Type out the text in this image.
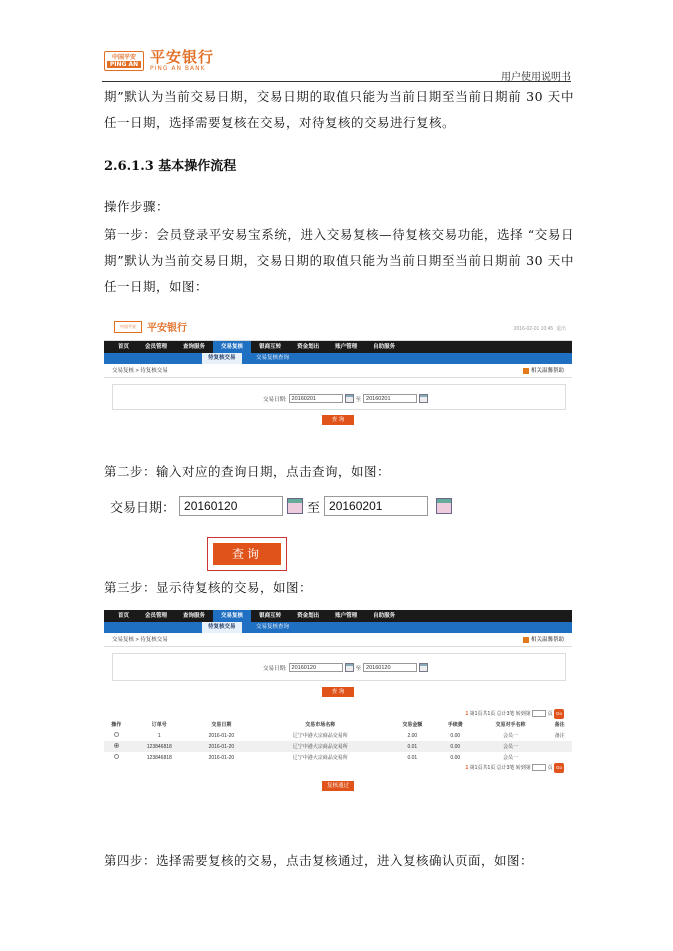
中国平安
PING AN 平安银行
PING AN BANK
用户使用说明书
期”默认为当前交易日期，交易日期的取值只能为当前日期至当前日期前 30 天中任一日期，选择需要复核在交易，对待复核的交易进行复核。
2.6.1.3 基本操作流程
操作步骤：
第一步：会员登录平安易宝系统，进入交易复核—待复核交易功能，选择 “交易日期”默认为当前交易日期，交易日期的取值只能为当前日期至当前日期前 30 天中任一日期，如图：
中国平安	平安银行	2016-02-01 10:45 退出
首页	会员管理	查询服务	交易复核	银商互转	资金划出	账户管理	自助服务
待复核交易	交易复核查询
交易复核 > 待复核交易	相关温馨帮助
交易日期: 20160201	至 20160201
查 询
第二步：输入对应的查询日期，点击查询，如图：
交易日期： 20160120	至 20160201
查询
第三步：显示待复核的交易，如图：
首页	会员管理	查询服务	交易复核	银商互转	资金划出	账户管理	自助服务
待复核交易	交易复核查询
交易复核 > 待复核交易	相关温馨帮助
交易日期: 20160120	至 20160120
查 询
1 第1页共1页 总计3笔 转到第	页 Go
操作	订单号	交易日期	交易市场名称	交易金额	手续费	交易对手名称	备注
	1	2016-01-20	辽宁中港大宗商品交易所	2.00	0.00	会员一	备注
	123846818	2016-01-20	辽宁中港大宗商品交易所	0.01	0.00	会员一	
	123846818	2016-01-20	辽宁中港大宗商品交易所	0.01	0.00	会员一	
1 第1页共1页 总计3笔 转到第	页 Go
复核通过
第四步：选择需要复核的交易，点击复核通过，进入复核确认页面，如图：
